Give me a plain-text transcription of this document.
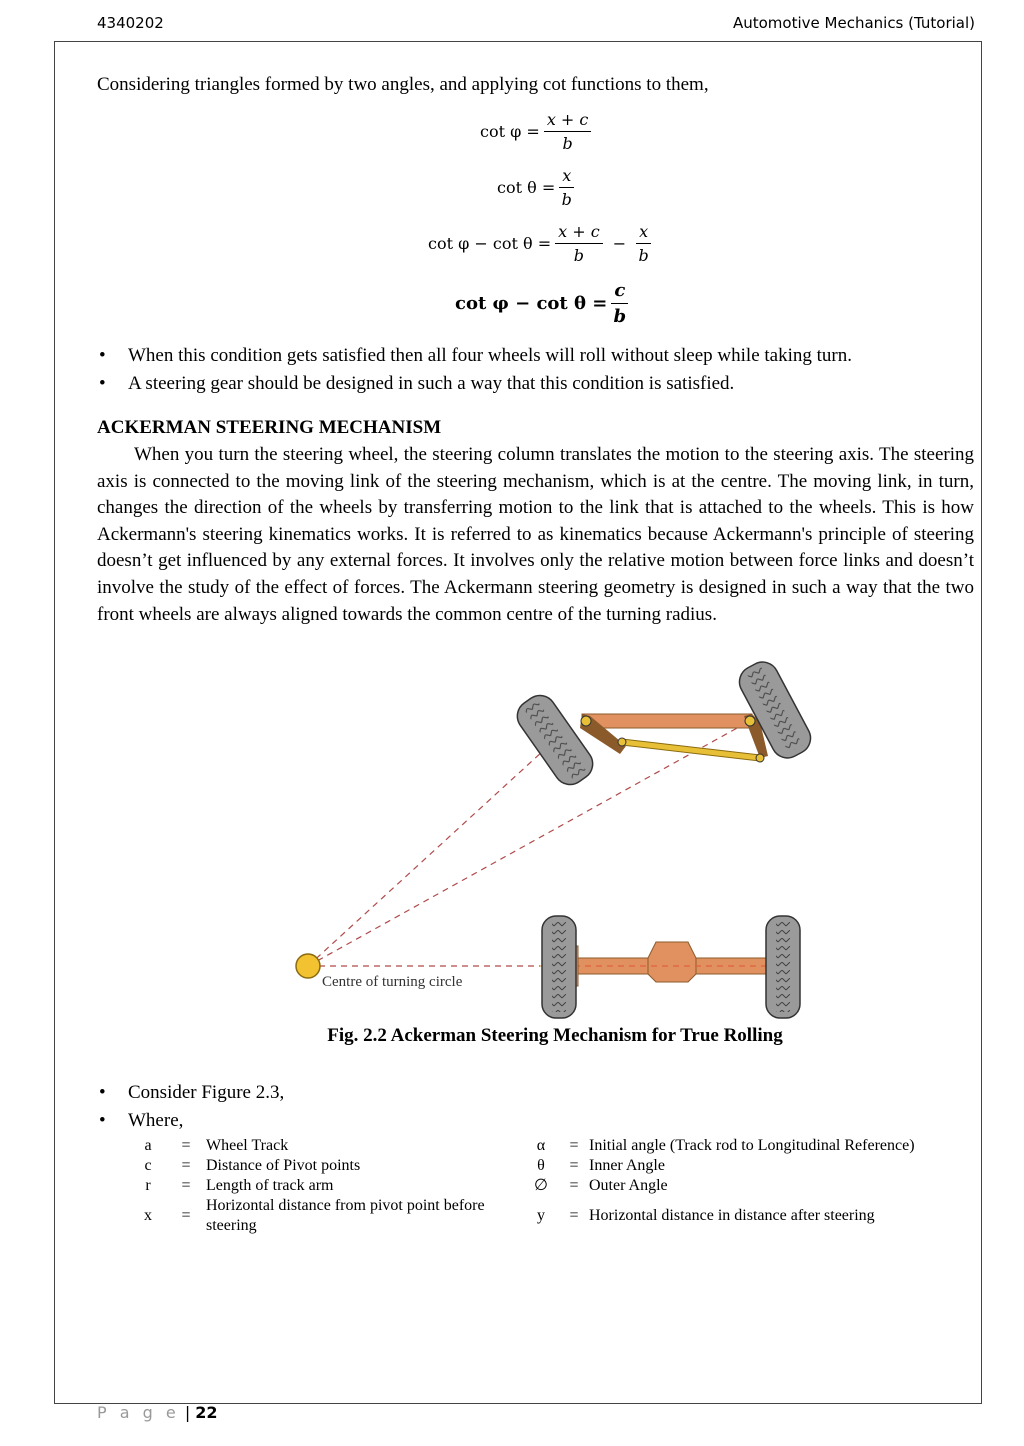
4340202	Automotive Mechanics (Tutorial)
Considering triangles formed by two angles, and applying cot functions to them,
$\cot \varphi = \frac{x + c}{b}$
$\cot \theta = \frac{x}{b}$
$\cot \varphi - \cot \theta = \frac{x + c}{b} - \frac{x}{b}$
$\cot \varphi - \cot \theta = \frac{c}{b}$
• When this condition gets satisfied then all four wheels will roll without sleep while taking turn.
• A steering gear should be designed in such a way that this condition is satisfied.
ACKERMAN STEERING MECHANISM

When you turn the steering wheel, the steering column translates the motion to the steering axis. The steering axis is connected to the moving link of the steering mechanism, which is at the centre. The moving link, in turn, changes the direction of the wheels by transferring motion to the link that is attached to the wheels. This is how Ackermann's steering kinematics works. It is referred to as kinematics because Ackermann's principle of steering doesn’t get influenced by any external forces. It involves only the relative motion between force links and doesn’t involve the study of the effect of forces. The Ackermann steering geometry is designed in such a way that the two front wheels are always aligned towards the common centre of the turning radius.

Centre of turning circle
Fig. 2.2 Ackerman Steering Mechanism for True Rolling
• Consider Figure 2.3,
• Where,
a	=	Wheel Track		α	=	Initial angle (Track rod to Longitudinal Reference)
c	=	Distance of Pivot points		θ	=	Inner Angle
r	=	Length of track arm		∅	=	Outer Angle
x	=	Horizontal distance from pivot point before steering		y	=	Horizontal distance in distance after steering
P a g e | 22
